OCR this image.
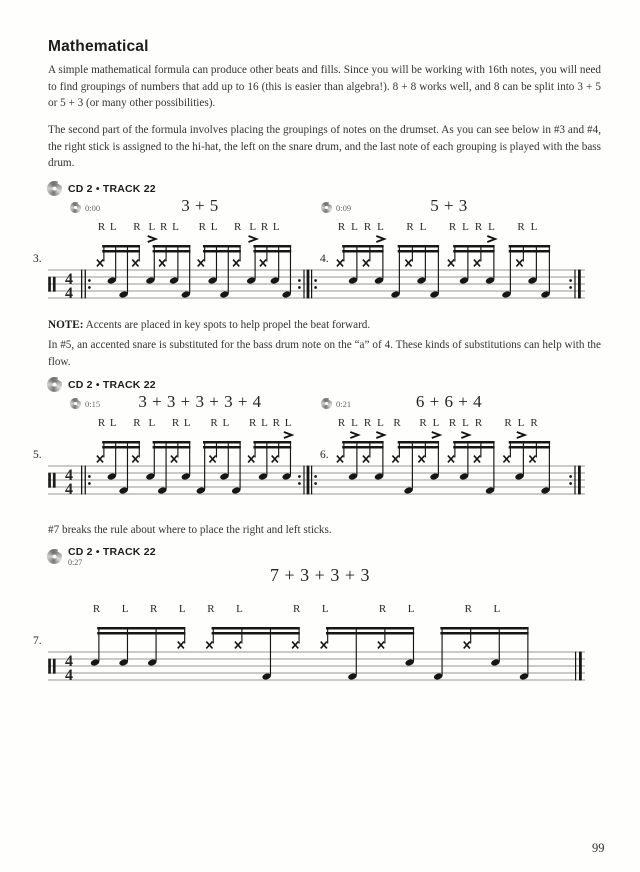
Mathematical

A simple mathematical formula can produce other beats and fills. Since you will be working with 16th notes, you will need to find groupings of numbers that add up to 16 (this is easier than algebra!). 8 + 8 works well, and 8 can be split into 3 + 5 or 5 + 3 (or many other possibilities).

The second part of the formula involves placing the groupings of notes on the drumset. As you can see below in #3 and #4, the right stick is assigned to the hi-hat, the left on the snare drum, and the last note of each grouping is played with the bass drum.

CD 2 • TRACK 22
0:00	3 + 5	0:09	5 + 3
4
4
3.
R L R L R L R L R L R L
4.
R L R L R L R L R L R L

NOTE: Accents are placed in key spots to help propel the beat forward.

In #5, an accented snare is substituted for the bass drum note on the “a” of 4. These kinds of substitutions can help with the flow.

CD 2 • TRACK 22
0:15	3 + 3 + 3 + 3 + 4	0:21	6 + 6 + 4
4
4
5.
R L R L R L R L R L R L
6.
R L R L R R L R L R R L R

#7 breaks the rule about where to place the right and left sticks.

CD 2 • TRACK 22
0:27
7 + 3 + 3 + 3
4
4
7.
R L R L R L	R L	R L	R L
99
